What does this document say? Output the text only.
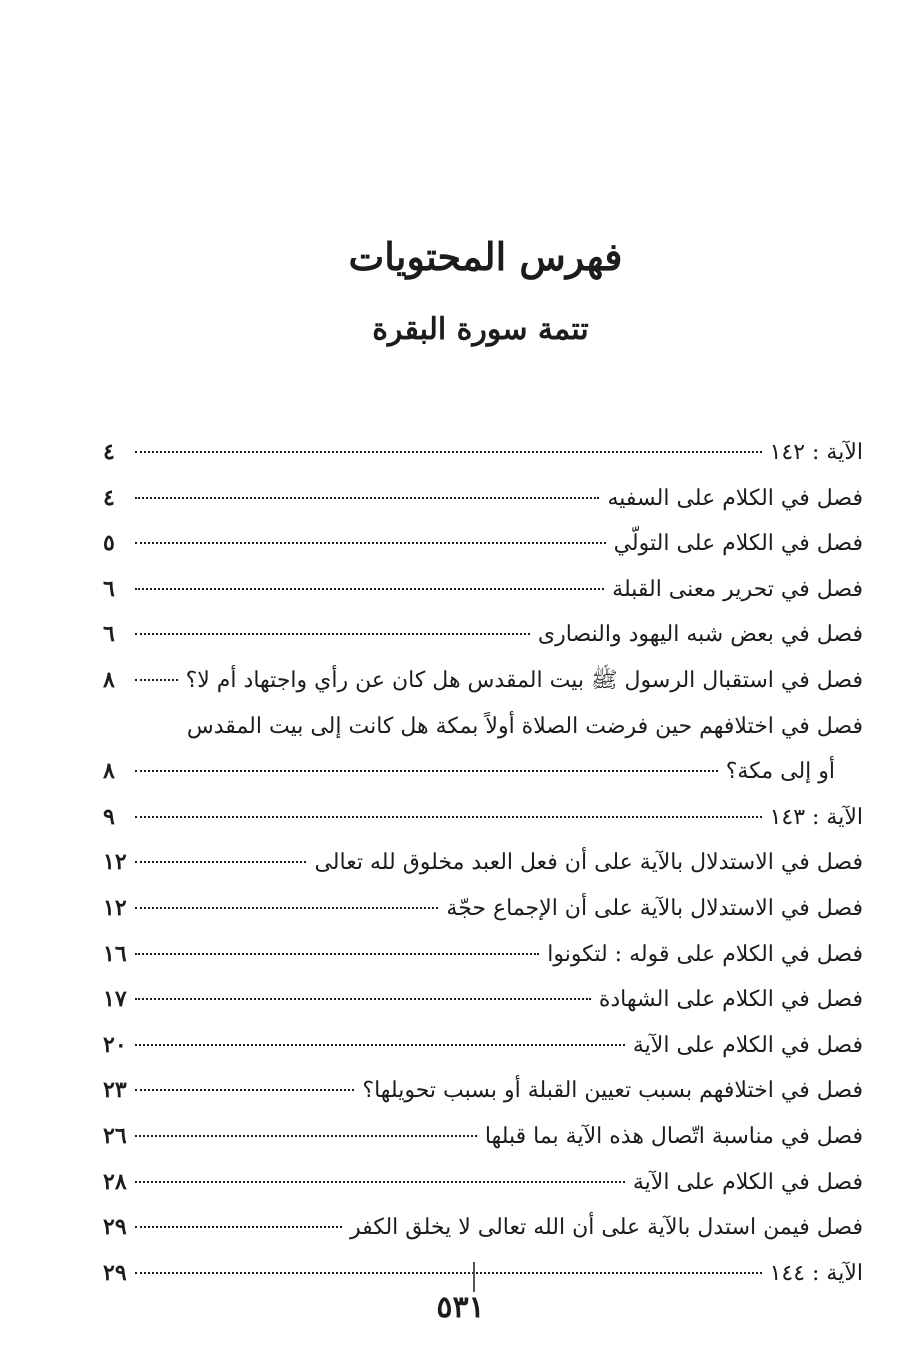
فهرس المحتويات
تتمة سورة البقرة
الآية : ١٤٢
٤
فصل في الكلام على السفيه
٤
فصل في الكلام على التولّي
٥
فصل في تحرير معنى القبلة
٦
فصل في بعض شبه اليهود والنصارى
٦
فصل في استقبال الرسول ﷺ بيت المقدس هل كان عن رأي واجتهاد أم لا؟
٨
فصل في اختلافهم حين فرضت الصلاة أولاً بمكة هل كانت إلى بيت المقدس
أو إلى مكة؟
٨
الآية : ١٤٣
٩
فصل في الاستدلال بالآية على أن فعل العبد مخلوق لله تعالى
١٢
فصل في الاستدلال بالآية على أن الإجماع حجّة
١٢
فصل في الكلام على قوله : لتكونوا
١٦
فصل في الكلام على الشهادة
١٧
فصل في الكلام على الآية
٢٠
فصل في اختلافهم بسبب تعيين القبلة أو بسبب تحويلها؟
٢٣
فصل في مناسبة اتّصال هذه الآية بما قبلها
٢٦
فصل في الكلام على الآية
٢٨
فصل فيمن استدل بالآية على أن الله تعالى لا يخلق الكفر
٢٩
الآية : ١٤٤
٢٩
٥٣١
